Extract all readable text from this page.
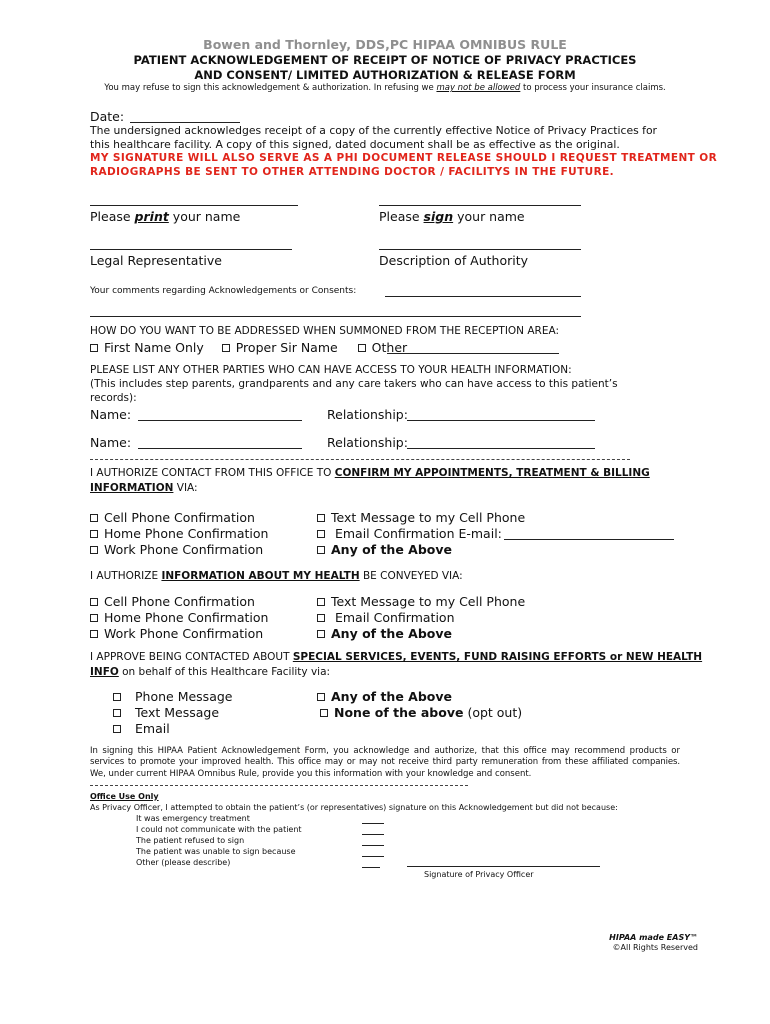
Bowen and Thornley, DDS,PC HIPAA OMNIBUS RULE
PATIENT ACKNOWLEDGEMENT OF RECEIPT OF NOTICE OF PRIVACY PRACTICES
AND CONSENT/ LIMITED AUTHORIZATION & RELEASE FORM
You may refuse to sign this acknowledgement & authorization. In refusing we may not be allowed to process your insurance claims.
Date:
The undersigned acknowledges receipt of a copy of the currently effective Notice of Privacy Practices for
this healthcare facility. A copy of this signed, dated document shall be as effective as the original.
MY SIGNATURE WILL ALSO SERVE AS A PHI DOCUMENT RELEASE SHOULD I REQUEST TREATMENT OR
RADIOGRAPHS BE SENT TO OTHER ATTENDING DOCTOR / FACILITYS IN THE FUTURE.
Please print your name	Please sign your name
Legal Representative	Description of Authority
Your comments regarding Acknowledgements or Consents:
HOW DO YOU WANT TO BE ADDRESSED WHEN SUMMONED FROM THE RECEPTION AREA:
First Name Only	Proper Sir Name	Other
PLEASE LIST ANY OTHER PARTIES WHO CAN HAVE ACCESS TO YOUR HEALTH INFORMATION:
(This includes step parents, grandparents and any care takers who can have access to this patient’s
records):
Name:	Relationship:
Name:	Relationship:
I AUTHORIZE CONTACT FROM THIS OFFICE TO CONFIRM MY APPOINTMENTS, TREATMENT & BILLING
INFORMATION VIA:
Cell Phone Confirmation
Home Phone Confirmation
Work Phone Confirmation
Text Message to my Cell Phone
Email Confirmation E-mail:
Any of the Above
I AUTHORIZE INFORMATION ABOUT MY HEALTH BE CONVEYED VIA:
Cell Phone Confirmation
Home Phone Confirmation
Work Phone Confirmation
Text Message to my Cell Phone
Email Confirmation
Any of the Above
I APPROVE BEING CONTACTED ABOUT SPECIAL SERVICES, EVENTS, FUND RAISING EFFORTS or NEW HEALTH
INFO on behalf of this Healthcare Facility via:
Phone Message
Text Message
Email
Any of the Above
None of the above (opt out)
In signing this HIPAA Patient Acknowledgement Form, you acknowledge and authorize, that this office may recommend products or
services to promote your improved health. This office may or may not receive third party remuneration from these affiliated companies.
We, under current HIPAA Omnibus Rule, provide you this information with your knowledge and consent.
Office Use Only
As Privacy Officer, I attempted to obtain the patient’s (or representatives) signature on this Acknowledgement but did not because:
It was emergency treatment
I could not communicate with the patient
The patient refused to sign
The patient was unable to sign because
Other (please describe)
Signature of Privacy Officer
HIPAA made EASY™
©All Rights Reserved
